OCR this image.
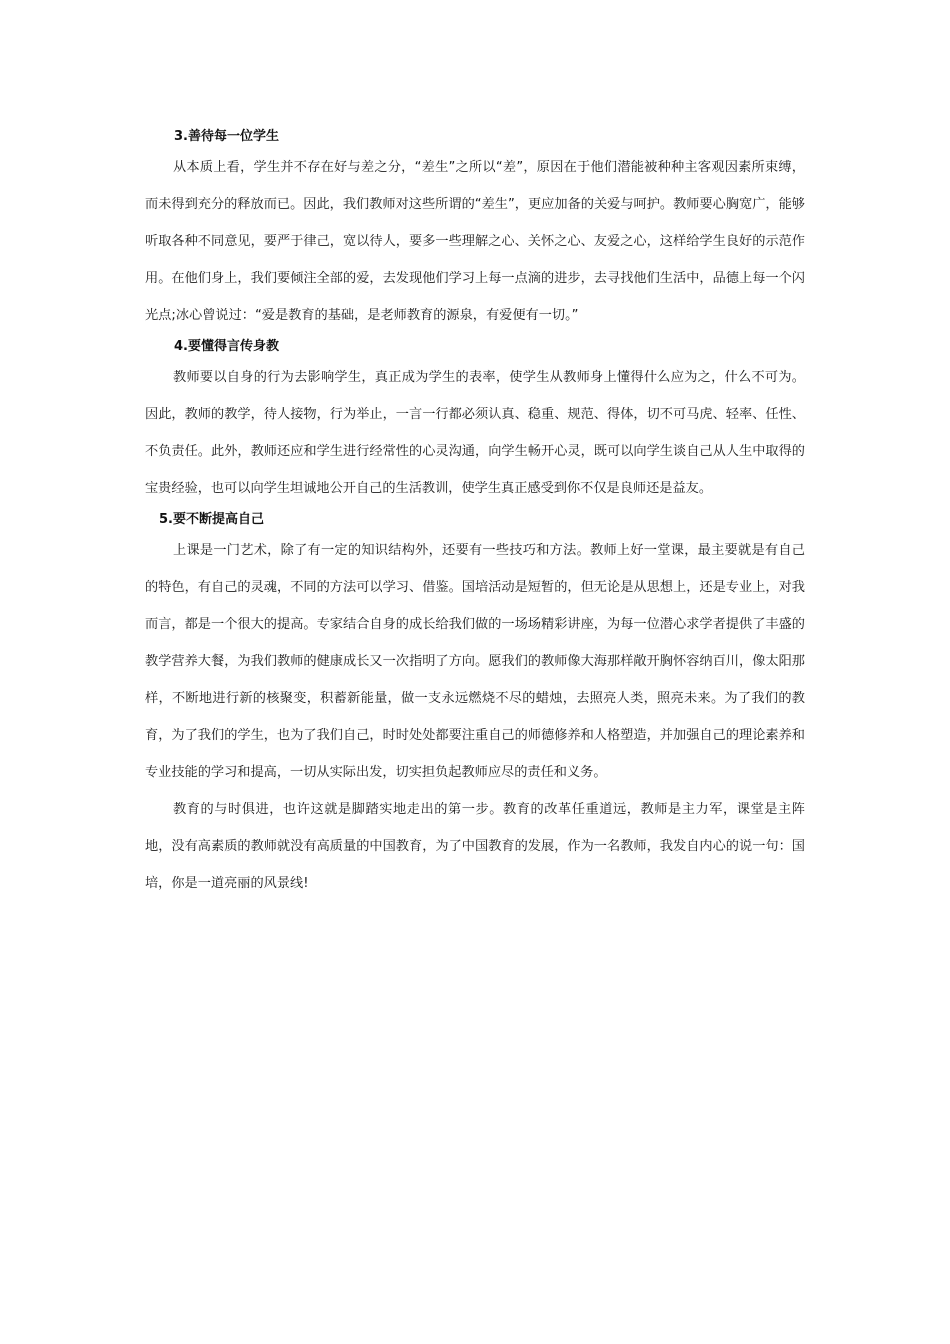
3.善待每一位学生

从本质上看，学生并不存在好与差之分，“差生”之所以“差”，原因在于他们潜能被种种主客观因素所束缚，而未得到充分的释放而已。因此，我们教师对这些所谓的“差生”，更应加备的关爱与呵护。教师要心胸宽广，能够听取各种不同意见，要严于律己，宽以待人，要多一些理解之心、关怀之心、友爱之心，这样给学生良好的示范作用。在他们身上，我们要倾注全部的爱，去发现他们学习上每一点滴的进步，去寻找他们生活中，品德上每一个闪光点;冰心曾说过：“爱是教育的基础，是老师教育的源泉，有爱便有一切。”

4.要懂得言传身教

教师要以自身的行为去影响学生，真正成为学生的表率，使学生从教师身上懂得什么应为之，什么不可为。因此，教师的教学，待人接物，行为举止，一言一行都必须认真、稳重、规范、得体，切不可马虎、轻率、任性、不负责任。此外，教师还应和学生进行经常性的心灵沟通，向学生畅开心灵，既可以向学生谈自己从人生中取得的宝贵经验，也可以向学生坦诚地公开自己的生活教训，使学生真正感受到你不仅是良师还是益友。

5.要不断提高自己

上课是一门艺术，除了有一定的知识结构外，还要有一些技巧和方法。教师上好一堂课，最主要就是有自己的特色，有自己的灵魂，不同的方法可以学习、借鉴。国培活动是短暂的，但无论是从思想上，还是专业上，对我而言，都是一个很大的提高。专家结合自身的成长给我们做的一场场精彩讲座，为每一位潜心求学者提供了丰盛的教学营养大餐，为我们教师的健康成长又一次指明了方向。愿我们的教师像大海那样敞开胸怀容纳百川，像太阳那样，不断地进行新的核聚变，积蓄新能量，做一支永远燃烧不尽的蜡烛，去照亮人类，照亮未来。为了我们的教育，为了我们的学生，也为了我们自己，时时处处都要注重自己的师德修养和人格塑造，并加强自己的理论素养和专业技能的学习和提高，一切从实际出发，切实担负起教师应尽的责任和义务。

教育的与时俱进，也许这就是脚踏实地走出的第一步。教育的改革任重道远，教师是主力军，课堂是主阵地，没有高素质的教师就没有高质量的中国教育，为了中国教育的发展，作为一名教师，我发自内心的说一句：国培，你是一道亮丽的风景线!
